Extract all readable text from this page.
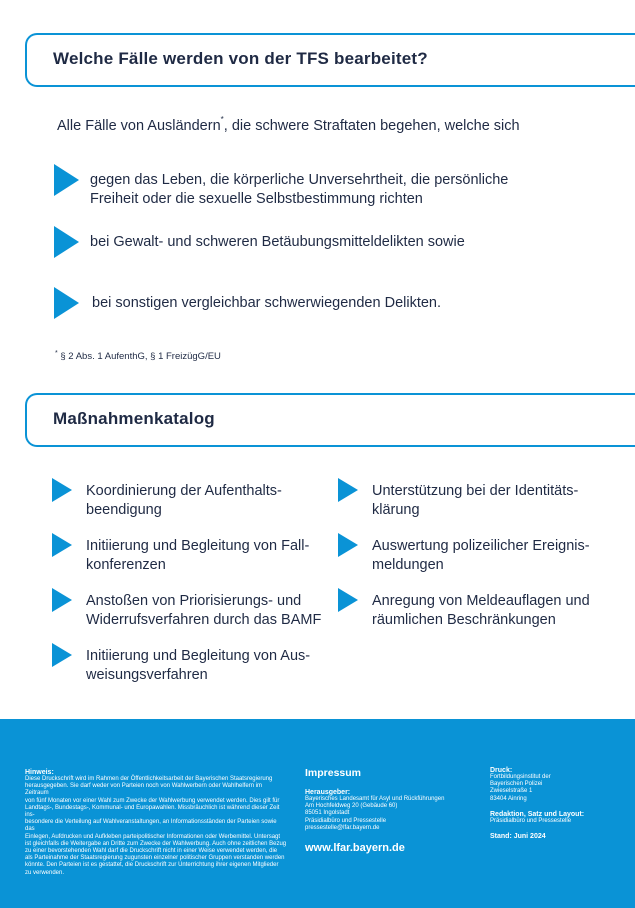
Welche Fälle werden von der TFS bearbeitet?
Alle Fälle von Ausländern*, die schwere Straftaten begehen, welche sich
gegen das Leben, die körperliche Unversehrtheit, die persönliche
Freiheit oder die sexuelle Selbstbestimmung richten
bei Gewalt- und schweren Betäubungsmitteldelikten sowie
bei sonstigen vergleichbar schwerwiegenden Delikten.
* § 2 Abs. 1 AufenthG, § 1 FreizügG/EU
Maßnahmenkatalog
Koordinierung der Aufenthalts-
beendigung
Initiierung und Begleitung von Fall-
konferenzen
Anstoßen von Priorisierungs- und
Widerrufsverfahren durch das BAMF
Initiierung und Begleitung von Aus-
weisungsverfahren
Unterstützung bei der Identitäts-
klärung
Auswertung polizeilicher Ereignis-
meldungen
Anregung von Meldeauflagen und
räumlichen Beschränkungen
Hinweis:
Diese Druckschrift wird im Rahmen der Öffentlichkeitsarbeit der Bayerischen Staatsregierung
herausgegeben. Sie darf weder von Parteien noch von Wahlwerbern oder Wahlhelfern im Zeitraum
von fünf Monaten vor einer Wahl zum Zwecke der Wahlwerbung verwendet werden. Dies gilt für
Landtags-, Bundestags-, Kommunal- und Europawahlen. Missbräuchlich ist während dieser Zeit ins-
besondere die Verteilung auf Wahlveranstaltungen, an Informationsständen der Parteien sowie das
Einlegen, Aufdrucken und Aufkleben parteipolitischer Informationen oder Werbemittel. Untersagt
ist gleichfalls die Weitergabe an Dritte zum Zwecke der Wahlwerbung. Auch ohne zeitlichen Bezug
zu einer bevorstehenden Wahl darf die Druckschrift nicht in einer Weise verwendet werden, die
als Parteinahme der Staatsregierung zugunsten einzelner politischer Gruppen verstanden werden
könnte. Den Parteien ist es gestattet, die Druckschrift zur Unterrichtung ihrer eigenen Mitglieder
zu verwenden.
Impressum
Herausgeber:
Bayerisches Landesamt für Asyl und Rückführungen
Am Hochfeldweg 20 (Gebäude 60)
85051 Ingolstadt
Präsidialbüro und Pressestelle
pressestelle@lfar.bayern.de
www.lfar.bayern.de
Druck:
Fortbildungsinstitut der
Bayerischen Polizei
Zwieselstraße 1
83404 Ainring
Redaktion, Satz und Layout:
Präsidialbüro und Pressestelle
Stand: Juni 2024
